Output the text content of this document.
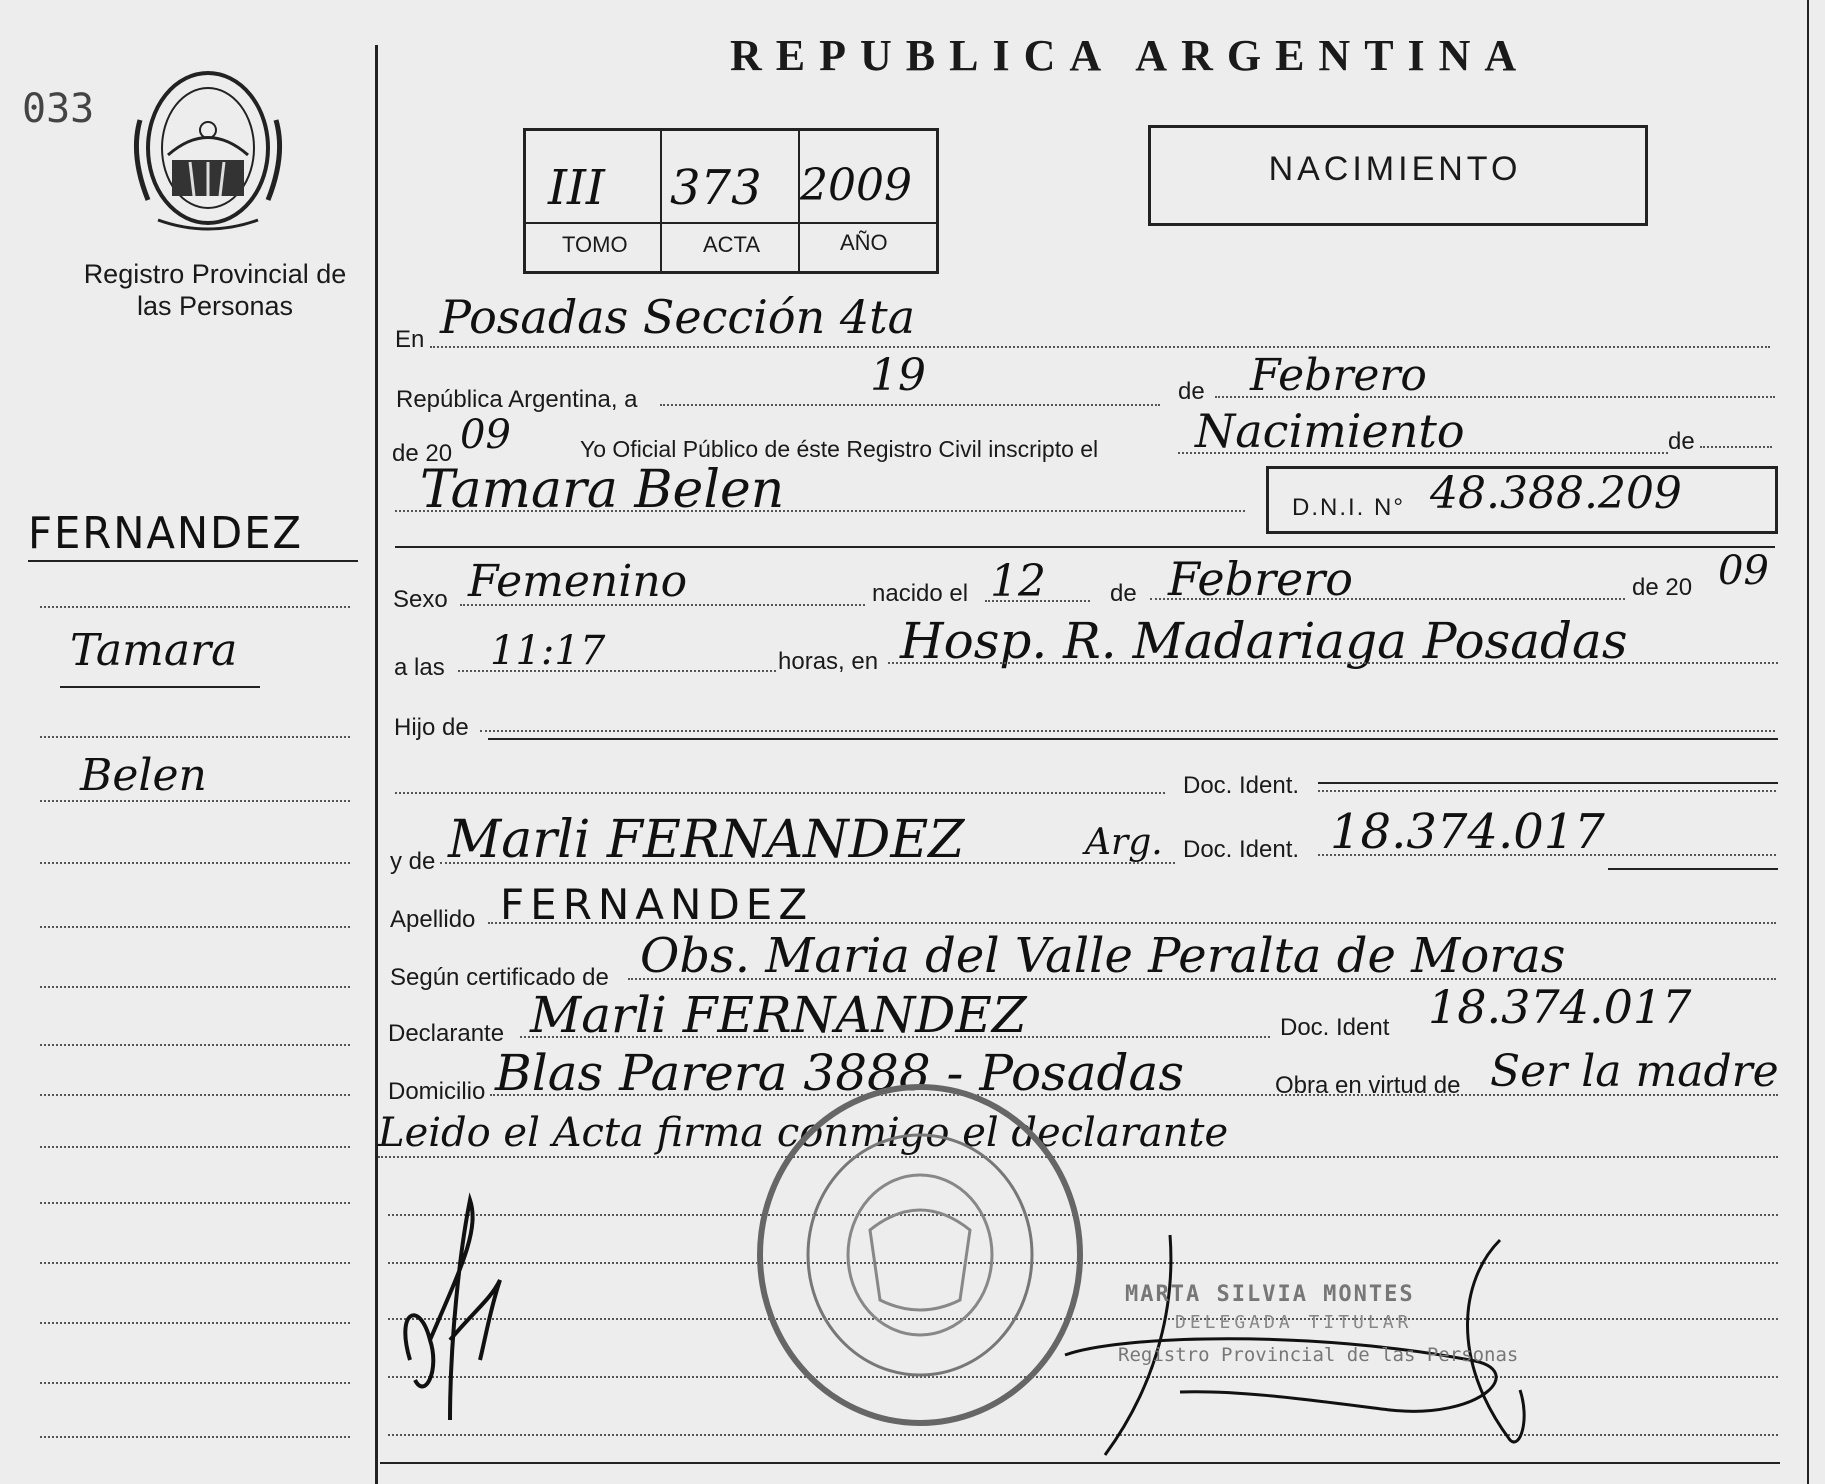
033
Registro Provincial de las Personas
FERNANDEZ
Tamara
Belen
REPUBLICA ARGENTINA
III 373 2009
TOMO	ACTA	AÑO
NACIMIENTO
En Posadas Sección 4ta
República Argentina, a	19	de Febrero
de 20 09	Yo Oficial Público de éste Registro Civil inscripto el Nacimiento	de
Tamara Belen	D.N.I. N° 48.388.209
Sexo Femenino	nacido el 12	de Febrero	de 20 09
a las 11:17	horas, en Hosp. R. Madariaga Posadas
Hijo de
Doc. Ident.
y de Marli FERNANDEZ	Arg. Doc. Ident. 18.374.017
Apellido FERNANDEZ
Según certificado de Obs. Maria del Valle Peralta de Moras
Declarante Marli FERNANDEZ	Doc. Ident 18.374.017
Domicilio Blas Parera 3888 - Posadas	Obra en virtud de Ser la madre
Leido el Acta firma conmigo el declarante
MARTA SILVIA MONTES
DELEGADA TITULAR
Registro Provincial de las Personas
